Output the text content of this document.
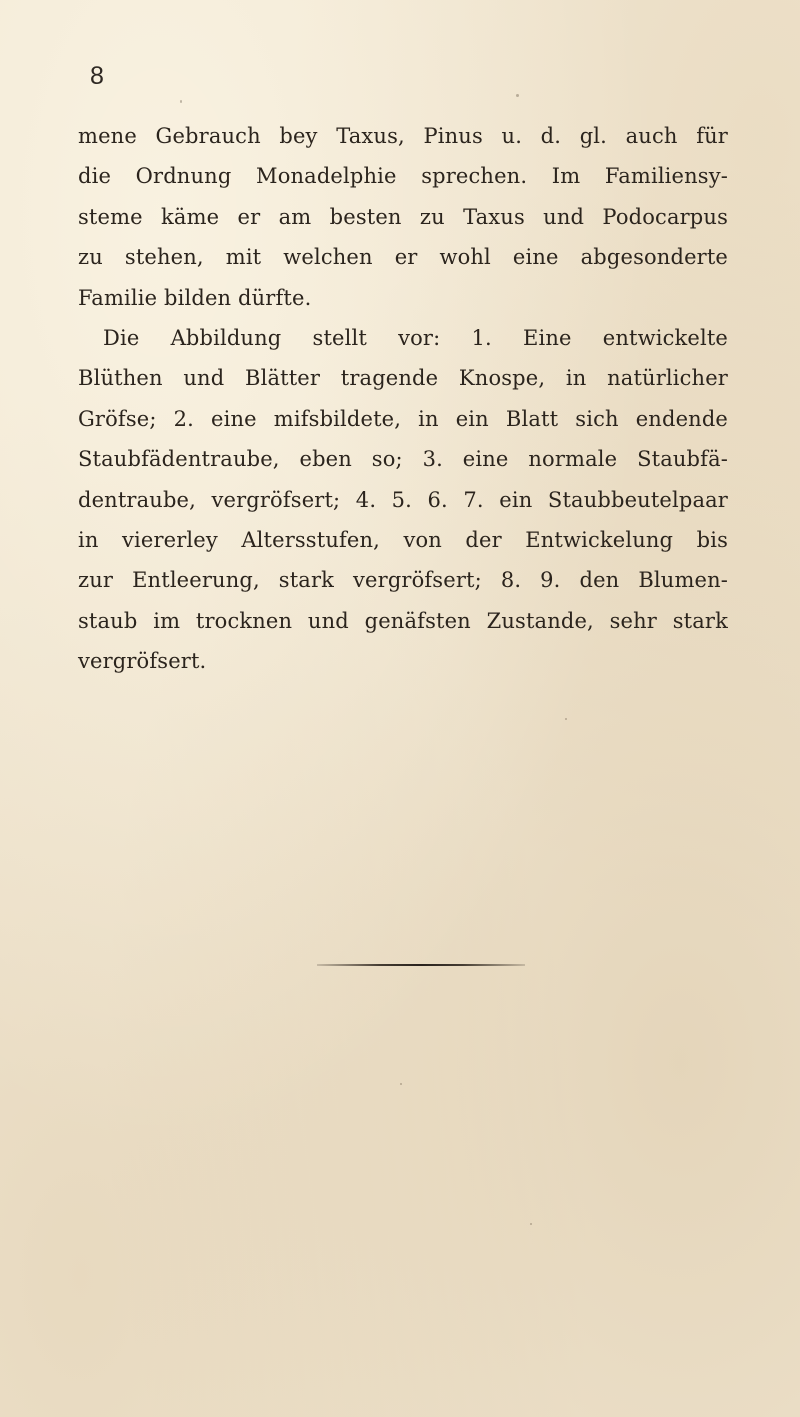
8
mene Gebrauch bey Taxus, Pinus u. d. gl. auch für
die Ordnung Monadelphie sprechen. Im Familiensy-
steme käme er am besten zu Taxus und Podocarpus
zu stehen, mit welchen er wohl eine abgesonderte
Familie bilden dürfte.
Die Abbildung stellt vor: 1. Eine entwickelte
Blüthen und Blätter tragende Knospe, in natürlicher
Gröfse; 2. eine mifsbildete, in ein Blatt sich endende
Staubfädentraube, eben so; 3. eine normale Staubfä-
dentraube, vergröfsert; 4. 5. 6. 7. ein Staubbeutelpaar
in viererley Altersstufen, von der Entwickelung bis
zur Entleerung, stark vergröfsert; 8. 9. den Blumen-
staub im trocknen und genäfsten Zustande, sehr stark
vergröfsert.
